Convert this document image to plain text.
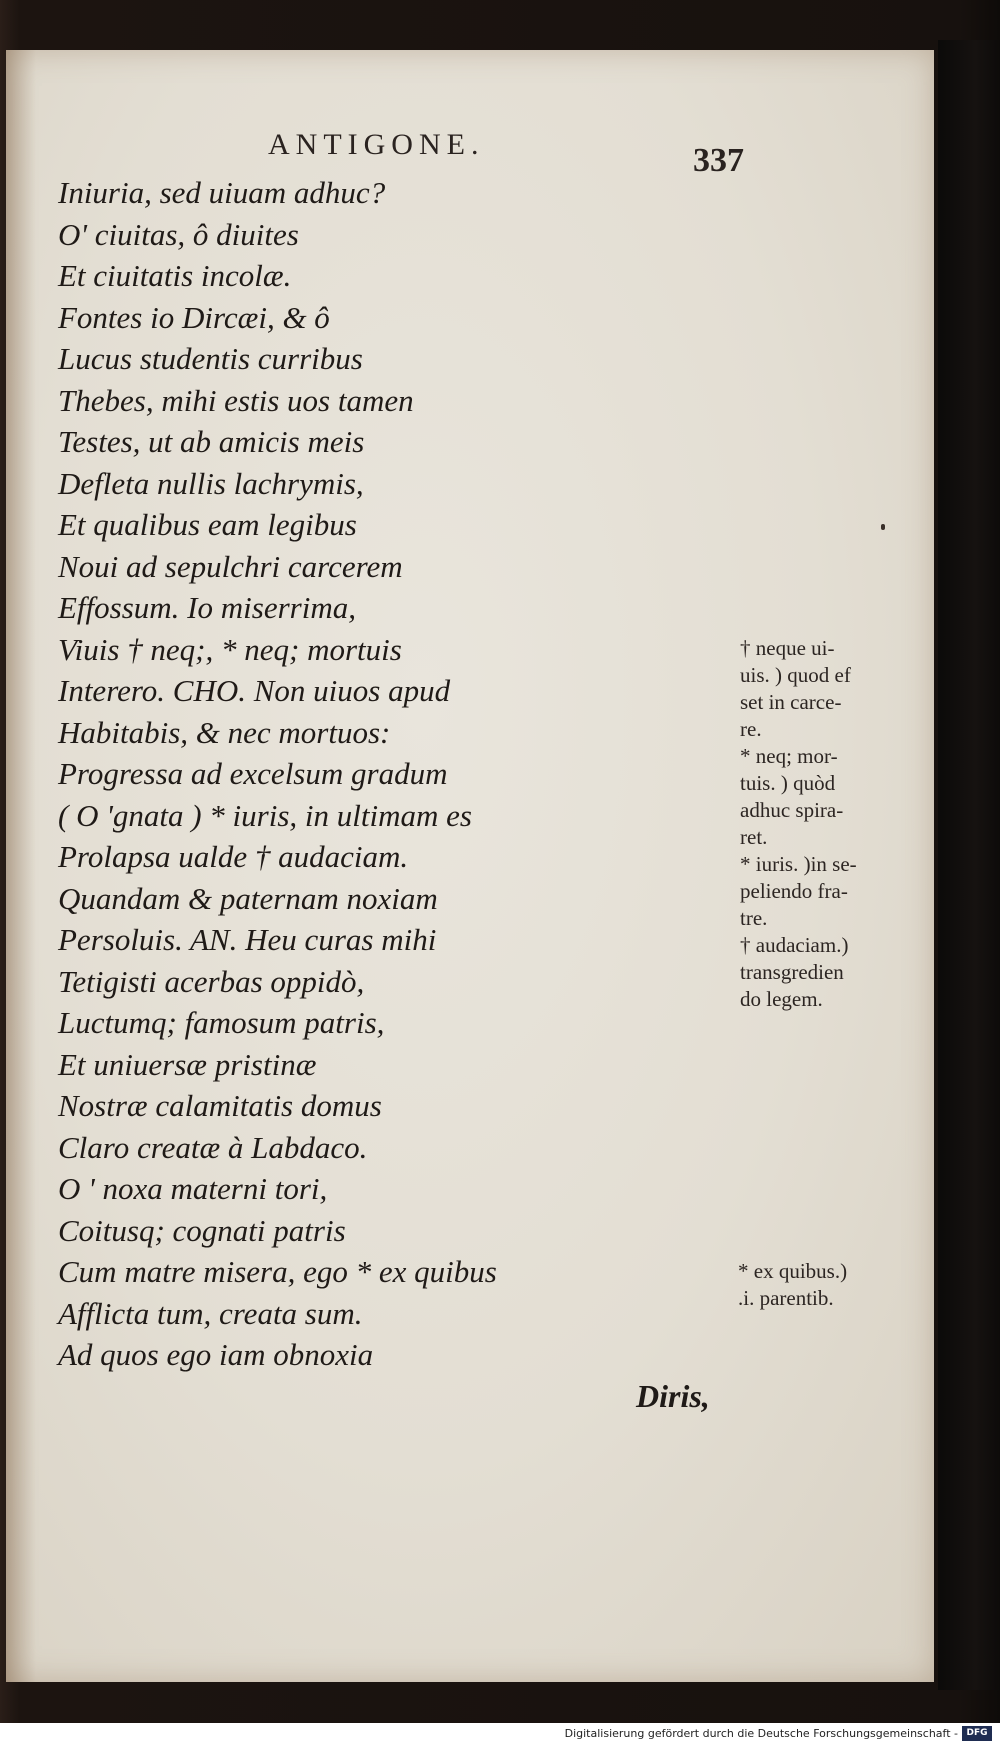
ANTIGONE.	337
Iniuria, sed uiuam adhuc?
O' ciuitas, ô diuites
Et ciuitatis incolæ.
Fontes io Dircæi, & ô
Lucus studentis curribus
Thebes, mihi estis uos tamen
Testes, ut ab amicis meis
Defleta nullis lachrymis,
Et qualibus eam legibus
Noui ad sepulchri carcerem
Effossum. Io miserrima,
Viuis † neq;, * neq; mortuis
Interero. CHO. Non uiuos apud
Habitabis, & nec mortuos:
Progressa ad excelsum gradum
( O 'gnata ) * iuris, in ultimam es
Prolapsa ualde † audaciam.
Quandam & paternam noxiam
Persoluis. AN. Heu curas mihi
Tetigisti acerbas oppidò,
Luctumq; famosum patris,
Et uniuersæ pristinæ
Nostræ calamitatis domus
Claro creatæ à Labdaco.
O ' noxa materni tori,
Coitusq; cognati patris
Cum matre misera, ego * ex quibus
Afflicta tum, creata sum.
Ad quos ego iam obnoxia
† neque ui-
uis. ) quod ef
set in carce-
re.
* neq; mor-
tuis. ) quòd
adhuc spira-
ret.
* iuris. )in se-
peliendo fra-
tre.
† audaciam.)
transgredien
do legem.
* ex quibus.)
.i. parentib.
Diris,
Digitalisierung gefördert durch die Deutsche Forschungsgemeinschaft - DFG
